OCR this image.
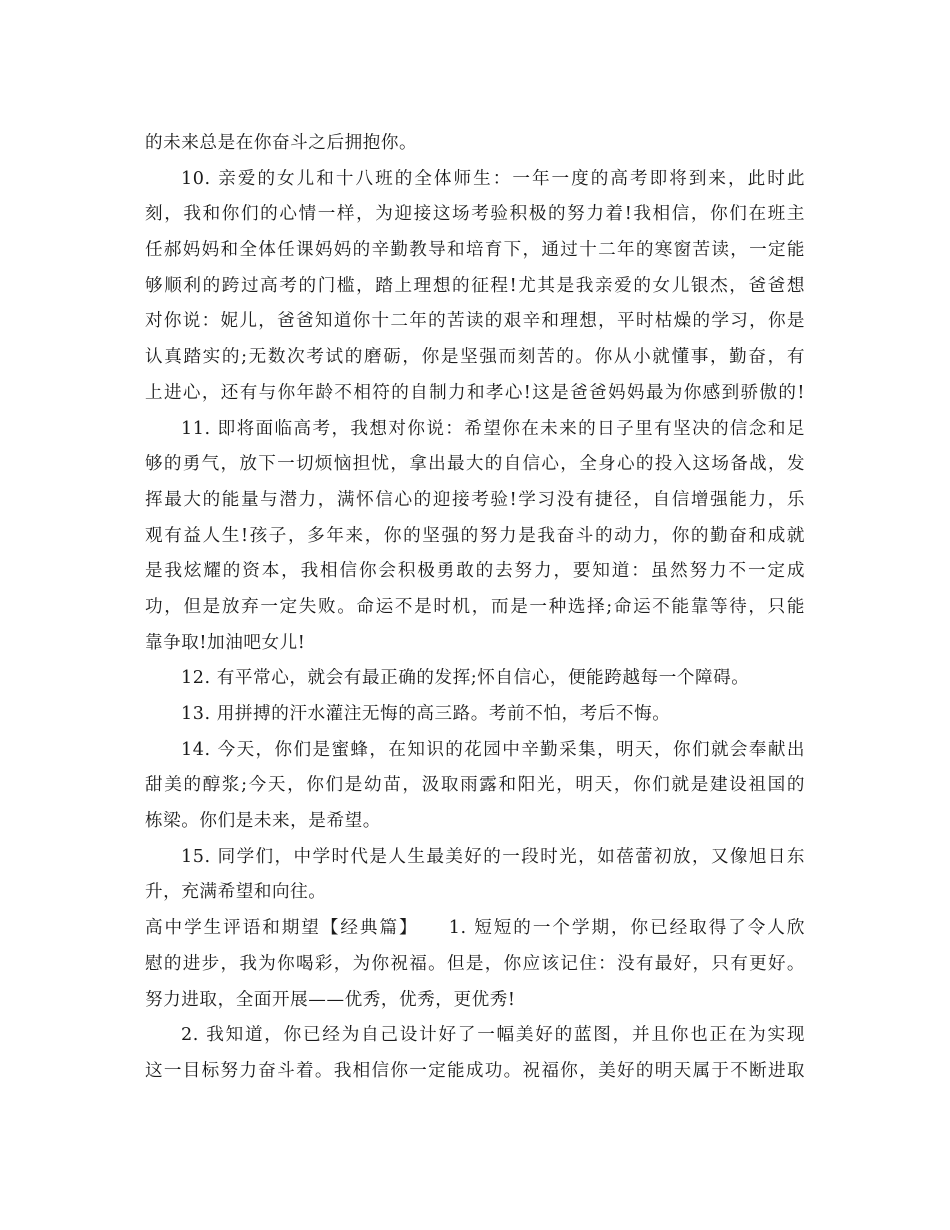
的未来总是在你奋斗之后拥抱你。
10. 亲爱的女儿和十八班的全体师生：一年一度的高考即将到来，此时此
刻，我和你们的心情一样，为迎接这场考验积极的努力着!我相信，你们在班主
任郝妈妈和全体任课妈妈的辛勤教导和培育下，通过十二年的寒窗苦读，一定能
够顺利的跨过高考的门槛，踏上理想的征程!尤其是我亲爱的女儿银杰，爸爸想
对你说：妮儿，爸爸知道你十二年的苦读的艰辛和理想，平时枯燥的学习，你是
认真踏实的;无数次考试的磨砺，你是坚强而刻苦的。你从小就懂事，勤奋，有
上进心，还有与你年龄不相符的自制力和孝心!这是爸爸妈妈最为你感到骄傲的!
11. 即将面临高考，我想对你说：希望你在未来的日子里有坚决的信念和足
够的勇气，放下一切烦恼担忧，拿出最大的自信心，全身心的投入这场备战，发
挥最大的能量与潜力，满怀信心的迎接考验!学习没有捷径，自信增强能力，乐
观有益人生!孩子，多年来，你的坚强的努力是我奋斗的动力，你的勤奋和成就
是我炫耀的资本，我相信你会积极勇敢的去努力，要知道：虽然努力不一定成
功，但是放弃一定失败。命运不是时机，而是一种选择;命运不能靠等待，只能
靠争取!加油吧女儿!
12. 有平常心，就会有最正确的发挥;怀自信心，便能跨越每一个障碍。
13. 用拼搏的汗水灌注无悔的高三路。考前不怕，考后不悔。
14. 今天，你们是蜜蜂，在知识的花园中辛勤采集，明天，你们就会奉献出
甜美的醇浆;今天，你们是幼苗，汲取雨露和阳光，明天，你们就是建设祖国的
栋梁。你们是未来，是希望。
15. 同学们，中学时代是人生最美好的一段时光，如蓓蕾初放，又像旭日东
升，充满希望和向往。
高中学生评语和期望【经典篇】　　1. 短短的一个学期，你已经取得了令人欣
慰的进步，我为你喝彩，为你祝福。但是，你应该记住：没有最好，只有更好。
努力进取，全面开展——优秀，优秀，更优秀!
2. 我知道，你已经为自己设计好了一幅美好的蓝图，并且你也正在为实现
这一目标努力奋斗着。我相信你一定能成功。祝福你，美好的明天属于不断进取
